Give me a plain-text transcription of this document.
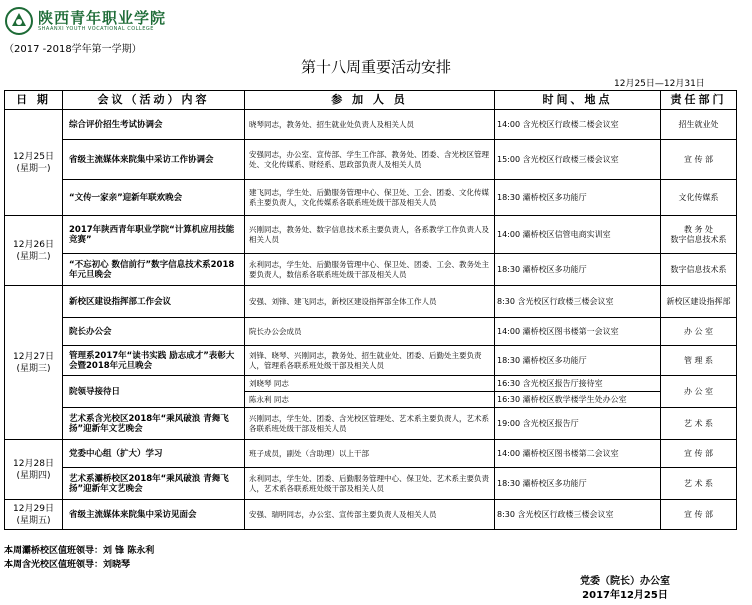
陕西青年职业学院
SHAANXI YOUTH VOCATIONAL COLLEGE
（2017 -2018学年第一学期）
第十八周重要活动安排
12月25日—12月31日
日 期	会议（活动）内容	参 加 人 员	时间、地点	责任部门
12月25日
(星期一)	综合评价招生考试协调会	晓琴同志，教务处、招生就业处负责人及相关人员	14:00 含光校区行政楼二楼会议室	招生就业处
	省级主流媒体来院集中采访工作协调会	安强同志，办公室、宣传部、学生工作部、教务处、团委、含光校区管理处、文化传媒系、财经系、思政部负责人及相关人员	15:00 含光校区行政楼三楼会议室	宣 传 部
	“文传一家亲”迎新年联欢晚会	建飞同志，学生处、后勤服务管理中心、保卫处、工会、团委、文化传媒系主要负责人，文化传媒系各联系班处级干部及相关人员	18:30 灞桥校区多功能厅	文化传媒系
12月26日
(星期二)	2017年陕西青年职业学院“计算机应用技能竞赛”	兴刚同志，教务处、数字信息技术系主要负责人，各系教学工作负责人及相关人员	14:00 灞桥校区信管电商实训室	教 务 处
数字信息技术系
	“不忘初心 数信前行”数字信息技术系2018年元旦晚会	永利同志，学生处、后勤服务管理中心、保卫处、团委、工会、教务处主要负责人，数信系各联系班处级干部及相关人员	18:30 灞桥校区多功能厅	数字信息技术系
12月27日
(星期三)	新校区建设指挥部工作会议	安强、刘锋、建飞同志，新校区建设指挥部全体工作人员	8:30 含光校区行政楼三楼会议室	新校区建设指挥部
	院长办公会	院长办公会成员	14:00 灞桥校区图书楼第一会议室	办 公 室
	管理系2017年“读书实践 励志成才”表彰大会暨2018年元旦晚会	刘锋、晓琴、兴刚同志，教务处、招生就业处、团委、后勤处主要负责人，管理系各联系班处级干部及相关人员	18:30 灞桥校区多功能厅	管 理 系
	院领导接待日	刘晓琴 同志	16:30 含光校区报告厅接待室	办 公 室
		陈永利 同志	16:30 灞桥校区教学楼学生处办公室	
	艺术系含光校区2018年“乘风破浪 青舞飞扬”迎新年文艺晚会	兴刚同志，学生处、团委、含光校区管理处、艺术系主要负责人，艺术系各联系班处级干部及相关人员	19:00 含光校区报告厅	艺 术 系
12月28日
(星期四)	党委中心组（扩大）学习	班子成员，副处（含助理）以上干部	14:00 灞桥校区图书楼第二会议室	宣 传 部
	艺术系灞桥校区2018年“乘风破浪 青舞飞扬”迎新年文艺晚会	永利同志，学生处、团委、后勤服务管理中心、保卫处、艺术系主要负责人，艺术系各联系班处级干部及相关人员	18:30 灞桥校区多功能厅	艺 术 系
12月29日
(星期五)	省级主流媒体来院集中采访见面会	安强、瑞明同志，办公室、宣传部主要负责人及相关人员	8:30 含光校区行政楼三楼会议室	宣 传 部
本周灞桥校区值班领导：刘 锋 陈永利
本周含光校区值班领导：刘晓琴
党委（院长）办公室
2017年12月25日
